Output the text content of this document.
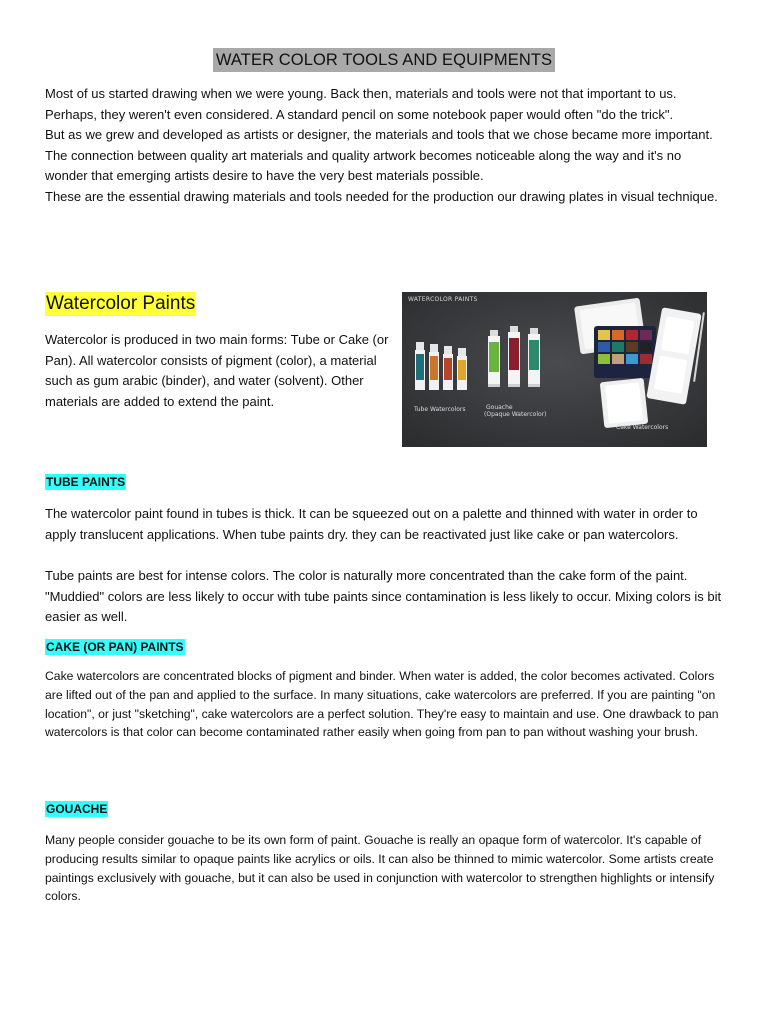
WATER COLOR TOOLS AND EQUIPMENTS

Most of us started drawing when we were young. Back then, materials and tools were not that important to us. Perhaps, they weren't even considered. A standard pencil on some notebook paper would often "do the trick".

But as we grew and developed as artists or designer, the materials and tools that we chose became more important. The connection between quality art materials and quality artwork becomes noticeable along the way and it's no wonder that emerging artists desire to have the very best materials possible.

These are the essential drawing materials and tools needed for the production our drawing plates in visual technique.

Watercolor Paints

Watercolor is produced in two main forms: Tube or Cake (or Pan). All watercolor consists of pigment (color), a material such as gum arabic (binder), and water (solvent). Other materials are added to extend the paint.

WATERCOLOR PAINTS
Tube Watercolors	Gouache
(Opaque Watercolor)
Cake Watercolors
TUBE PAINTS

The watercolor paint found in tubes is thick. It can be squeezed out on a palette and thinned with water in order to apply translucent applications. When tube paints dry. they can be reactivated just like cake or pan watercolors.

Tube paints are best for intense colors. The color is naturally more concentrated than the cake form of the paint. "Muddied" colors are less likely to occur with tube paints since contamination is less likely to occur. Mixing colors is bit easier as well.

CAKE (OR PAN) PAINTS

Cake watercolors are concentrated blocks of pigment and binder. When water is added, the color becomes activated. Colors are lifted out of the pan and applied to the surface. In many situations, cake watercolors are preferred. If you are painting "on location", or just "sketching", cake watercolors are a perfect solution. They're easy to maintain and use. One drawback to pan watercolors is that color can become contaminated rather easily when going from pan to pan without washing your brush.

GOUACHE

Many people consider gouache to be its own form of paint. Gouache is really an opaque form of watercolor. It's capable of producing results similar to opaque paints like acrylics or oils. It can also be thinned to mimic watercolor. Some artists create paintings exclusively with gouache, but it can also be used in conjunction with watercolor to strengthen highlights or intensify colors.
